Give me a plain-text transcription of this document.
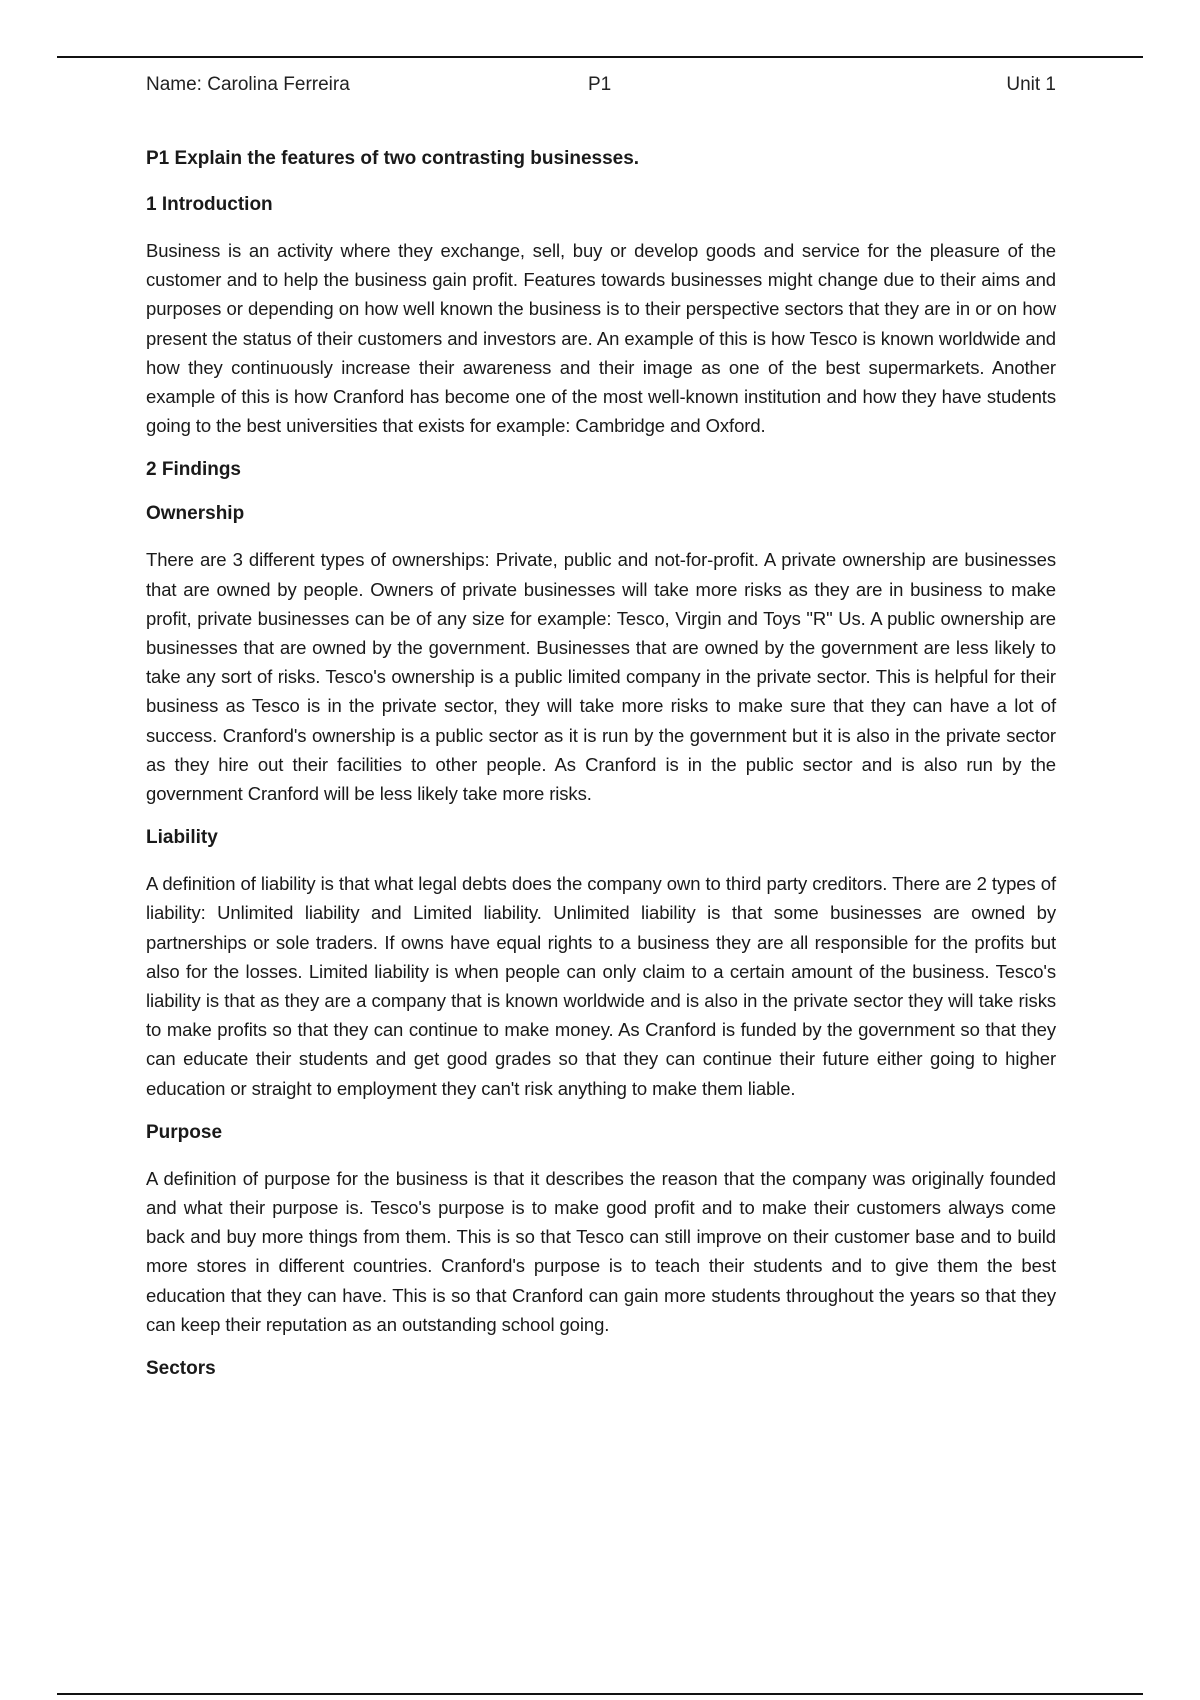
Name: Carolina Ferreira	P1	Unit 1
P1 Explain the features of two contrasting businesses.
1 Introduction

Business is an activity where they exchange, sell, buy or develop goods and service for the pleasure of the customer and to help the business gain profit. Features towards businesses might change due to their aims and purposes or depending on how well known the business is to their perspective sectors that they are in or on how present the status of their customers and investors are. An example of this is how Tesco is known worldwide and how they continuously increase their awareness and their image as one of the best supermarkets. Another example of this is how Cranford has become one of the most well-known institution and how they have students going to the best universities that exists for example: Cambridge and Oxford.

2 Findings
Ownership

There are 3 different types of ownerships: Private, public and not-for-profit. A private ownership are businesses that are owned by people. Owners of private businesses will take more risks as they are in business to make profit, private businesses can be of any size for example: Tesco, Virgin and Toys "R" Us. A public ownership are businesses that are owned by the government. Businesses that are owned by the government are less likely to take any sort of risks. Tesco's ownership is a public limited company in the private sector. This is helpful for their business as Tesco is in the private sector, they will take more risks to make sure that they can have a lot of success. Cranford's ownership is a public sector as it is run by the government but it is also in the private sector as they hire out their facilities to other people. As Cranford is in the public sector and is also run by the government Cranford will be less likely take more risks.

Liability

A definition of liability is that what legal debts does the company own to third party creditors. There are 2 types of liability: Unlimited liability and Limited liability. Unlimited liability is that some businesses are owned by partnerships or sole traders. If owns have equal rights to a business they are all responsible for the profits but also for the losses. Limited liability is when people can only claim to a certain amount of the business. Tesco's liability is that as they are a company that is known worldwide and is also in the private sector they will take risks to make profits so that they can continue to make money. As Cranford is funded by the government so that they can educate their students and get good grades so that they can continue their future either going to higher education or straight to employment they can't risk anything to make them liable.

Purpose

A definition of purpose for the business is that it describes the reason that the company was originally founded and what their purpose is. Tesco's purpose is to make good profit and to make their customers always come back and buy more things from them. This is so that Tesco can still improve on their customer base and to build more stores in different countries. Cranford's purpose is to teach their students and to give them the best education that they can have. This is so that Cranford can gain more students throughout the years so that they can keep their reputation as an outstanding school going.

Sectors
